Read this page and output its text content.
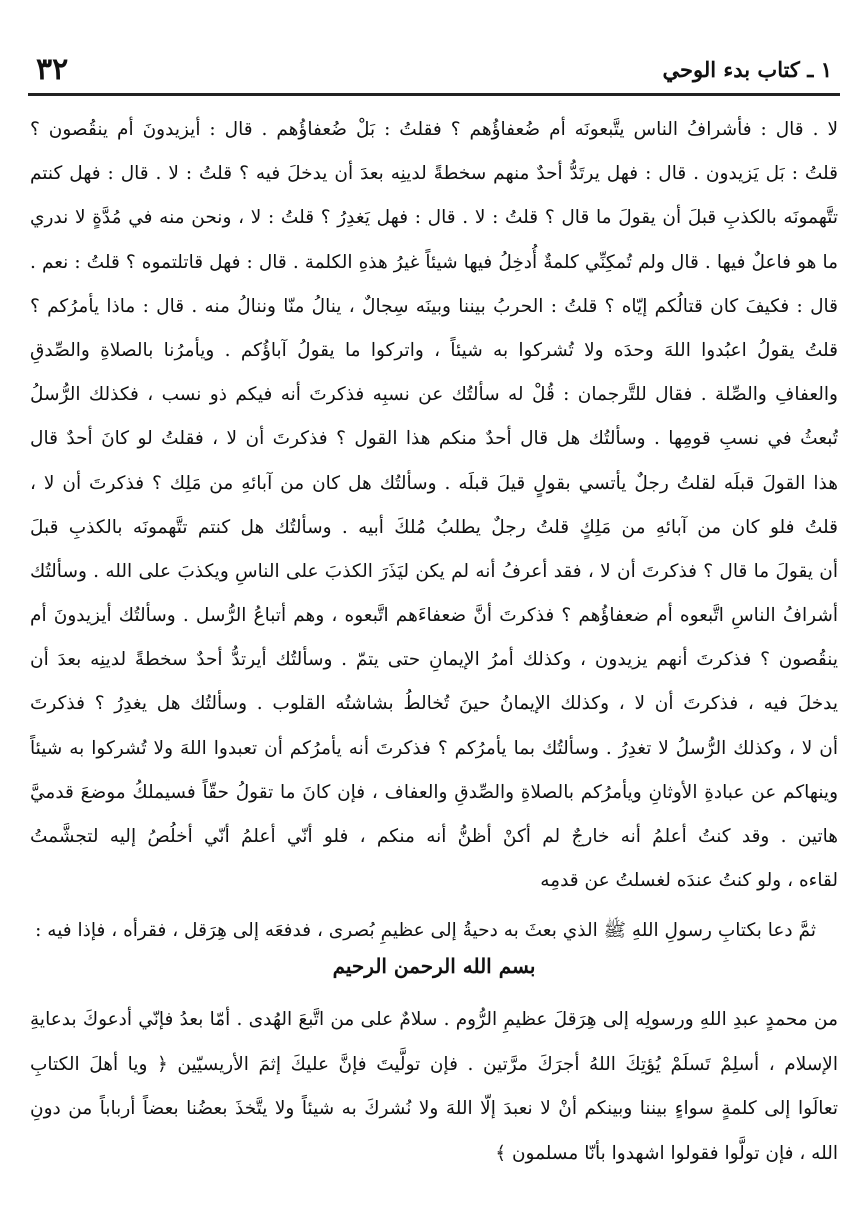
٣٢	١ ـ كتاب بدء الوحي
لا . قال : فأشرافُ الناس يتَّبعونَه أم ضُعفاؤُهم ؟ فقلتُ : بَلْ ضُعفاؤُهم . قال : أيزيدونَ أم ينقُصون ؟
قلتُ : بَل يَزيدون . قال : فهل يرتَدُّ أحدٌ منهم سخطةً لدينِه بعدَ أن يدخلَ فيه ؟ قلتُ : لا . قال : فهل كنتم
تتَّهمونَه بالكذبِ قبلَ أن يقولَ ما قال ؟ قلتُ : لا . قال : فهل يَغدِرُ ؟ قلتُ : لا ، ونحن منه في مُدَّةٍ لا ندري
ما هو فاعلٌ فيها . قال ولم تُمكِنِّي كلمةٌ أُدخِلُ فيها شيئاً غيرُ هذهِ الكلمة . قال : فهل قاتلتموه ؟ قلتُ : نعم .
قال : فكيفَ كان قتالُكم إيّاه ؟ قلتُ : الحربُ بيننا وبينَه سِجالٌ ، ينالُ منّا وننالُ منه . قال : ماذا يأمرُكم ؟
قلتُ يقولُ اعبُدوا اللهَ وحدَه ولا تُشركوا به شيئاً ، واتركوا ما يقولُ آباؤُكم . ويأمرُنا بالصلاةِ والصِّدقِ
والعفافِ والصِّلة . فقال للتَّرجمان : قُلْ له سألتُك عن نسبِه فذكرتَ أنه فيكم ذو نسب ، فكذلك الرُّسلُ
تُبعثُ في نسبِ قومِها . وسألتُك هل قال أحدٌ منكم هذا القول ؟ فذكرتَ أن لا ، فقلتُ لو كانَ أحدٌ قال
هذا القولَ قبلَه لقلتُ رجلٌ يأتسي بقولٍ قيلَ قبلَه . وسألتُك هل كان من آبائهِ من مَلِك ؟ فذكرتَ أن لا ،
قلتُ فلو كان من آبائهِ من مَلِكٍ قلتُ رجلٌ يطلبُ مُلكَ أبيه . وسألتُك هل كنتم تتَّهمونَه بالكذبِ قبلَ
أن يقولَ ما قال ؟ فذكرتَ أن لا ، فقد أعرفُ أنه لم يكن ليَذَرَ الكذبَ على الناسِ ويكذبَ على الله . وسألتُك
أشرافُ الناسِ اتَّبعوه أم ضعفاؤُهم ؟ فذكرتَ أنَّ ضعفاءَهم اتَّبعوه ، وهم أتباعُ الرُّسل . وسألتُك أيزيدونَ أم
ينقُصون ؟ فذكرتَ أنهم يزيدون ، وكذلك أمرُ الإيمانِ حتى يتمّ . وسألتُك أيرتدُّ أحدٌ سخطةً لدينِه بعدَ أن
يدخلَ فيه ، فذكرتَ أن لا ، وكذلك الإيمانُ حينَ تُخالطُ بشاشتُه القلوب . وسألتُك هل يغدِرُ ؟ فذكرتَ
أن لا ، وكذلك الرُّسلُ لا تغدِرُ . وسألتُك بما يأمرُكم ؟ فذكرتَ أنه يأمرُكم أن تعبدوا اللهَ ولا تُشركوا به شيئاً
وينهاكم عن عبادةِ الأوثانِ ويأمرُكم بالصلاةِ والصِّدقِ والعفاف ، فإن كانَ ما تقولُ حقّاً فسيملكُ موضعَ قدميَّ
هاتين . وقد كنتُ أعلمُ أنه خارجٌ لم أكنْ أظنُّ أنه منكم ، فلو أنّي أعلمُ أنّي أخلُصُ إليه لتجشَّمتُ
لقاءه ، ولو كنتُ عندَه لغسلتُ عن قدمِه
ثمَّ دعا بكتابِ رسولِ اللهِ ﷺ الذي بعثَ به دحيةُ إلى عظيمِ بُصرى ، فدفعَه إلى هِرَقل ، فقرأه ، فإذا فيه :
بسم الله الرحمن الرحيم
من محمدٍ عبدِ اللهِ ورسولِه إلى هِرَقلَ عظيمِ الرُّوم . سلامٌ على من اتَّبعَ الهُدى . أمّا بعدُ فإنّي أدعوكَ بدعايةِ
الإسلام ، أسلِمْ تَسلَمْ يُؤتِكَ اللهُ أجرَكَ مرَّتين . فإن تولَّيتَ فإنَّ عليكَ إثمَ الأريسيّين ﴿ ويا أهلَ الكتابِ
تعالَوا إلى كلمةٍ سواءٍ بيننا وبينكم أنْ لا نعبدَ إلّا اللهَ ولا نُشركَ به شيئاً ولا يتَّخذَ بعضُنا بعضاً أرباباً من دونِ
الله ، فإن تولَّوا فقولوا اشهدوا بأنّا مسلمون ﴾
